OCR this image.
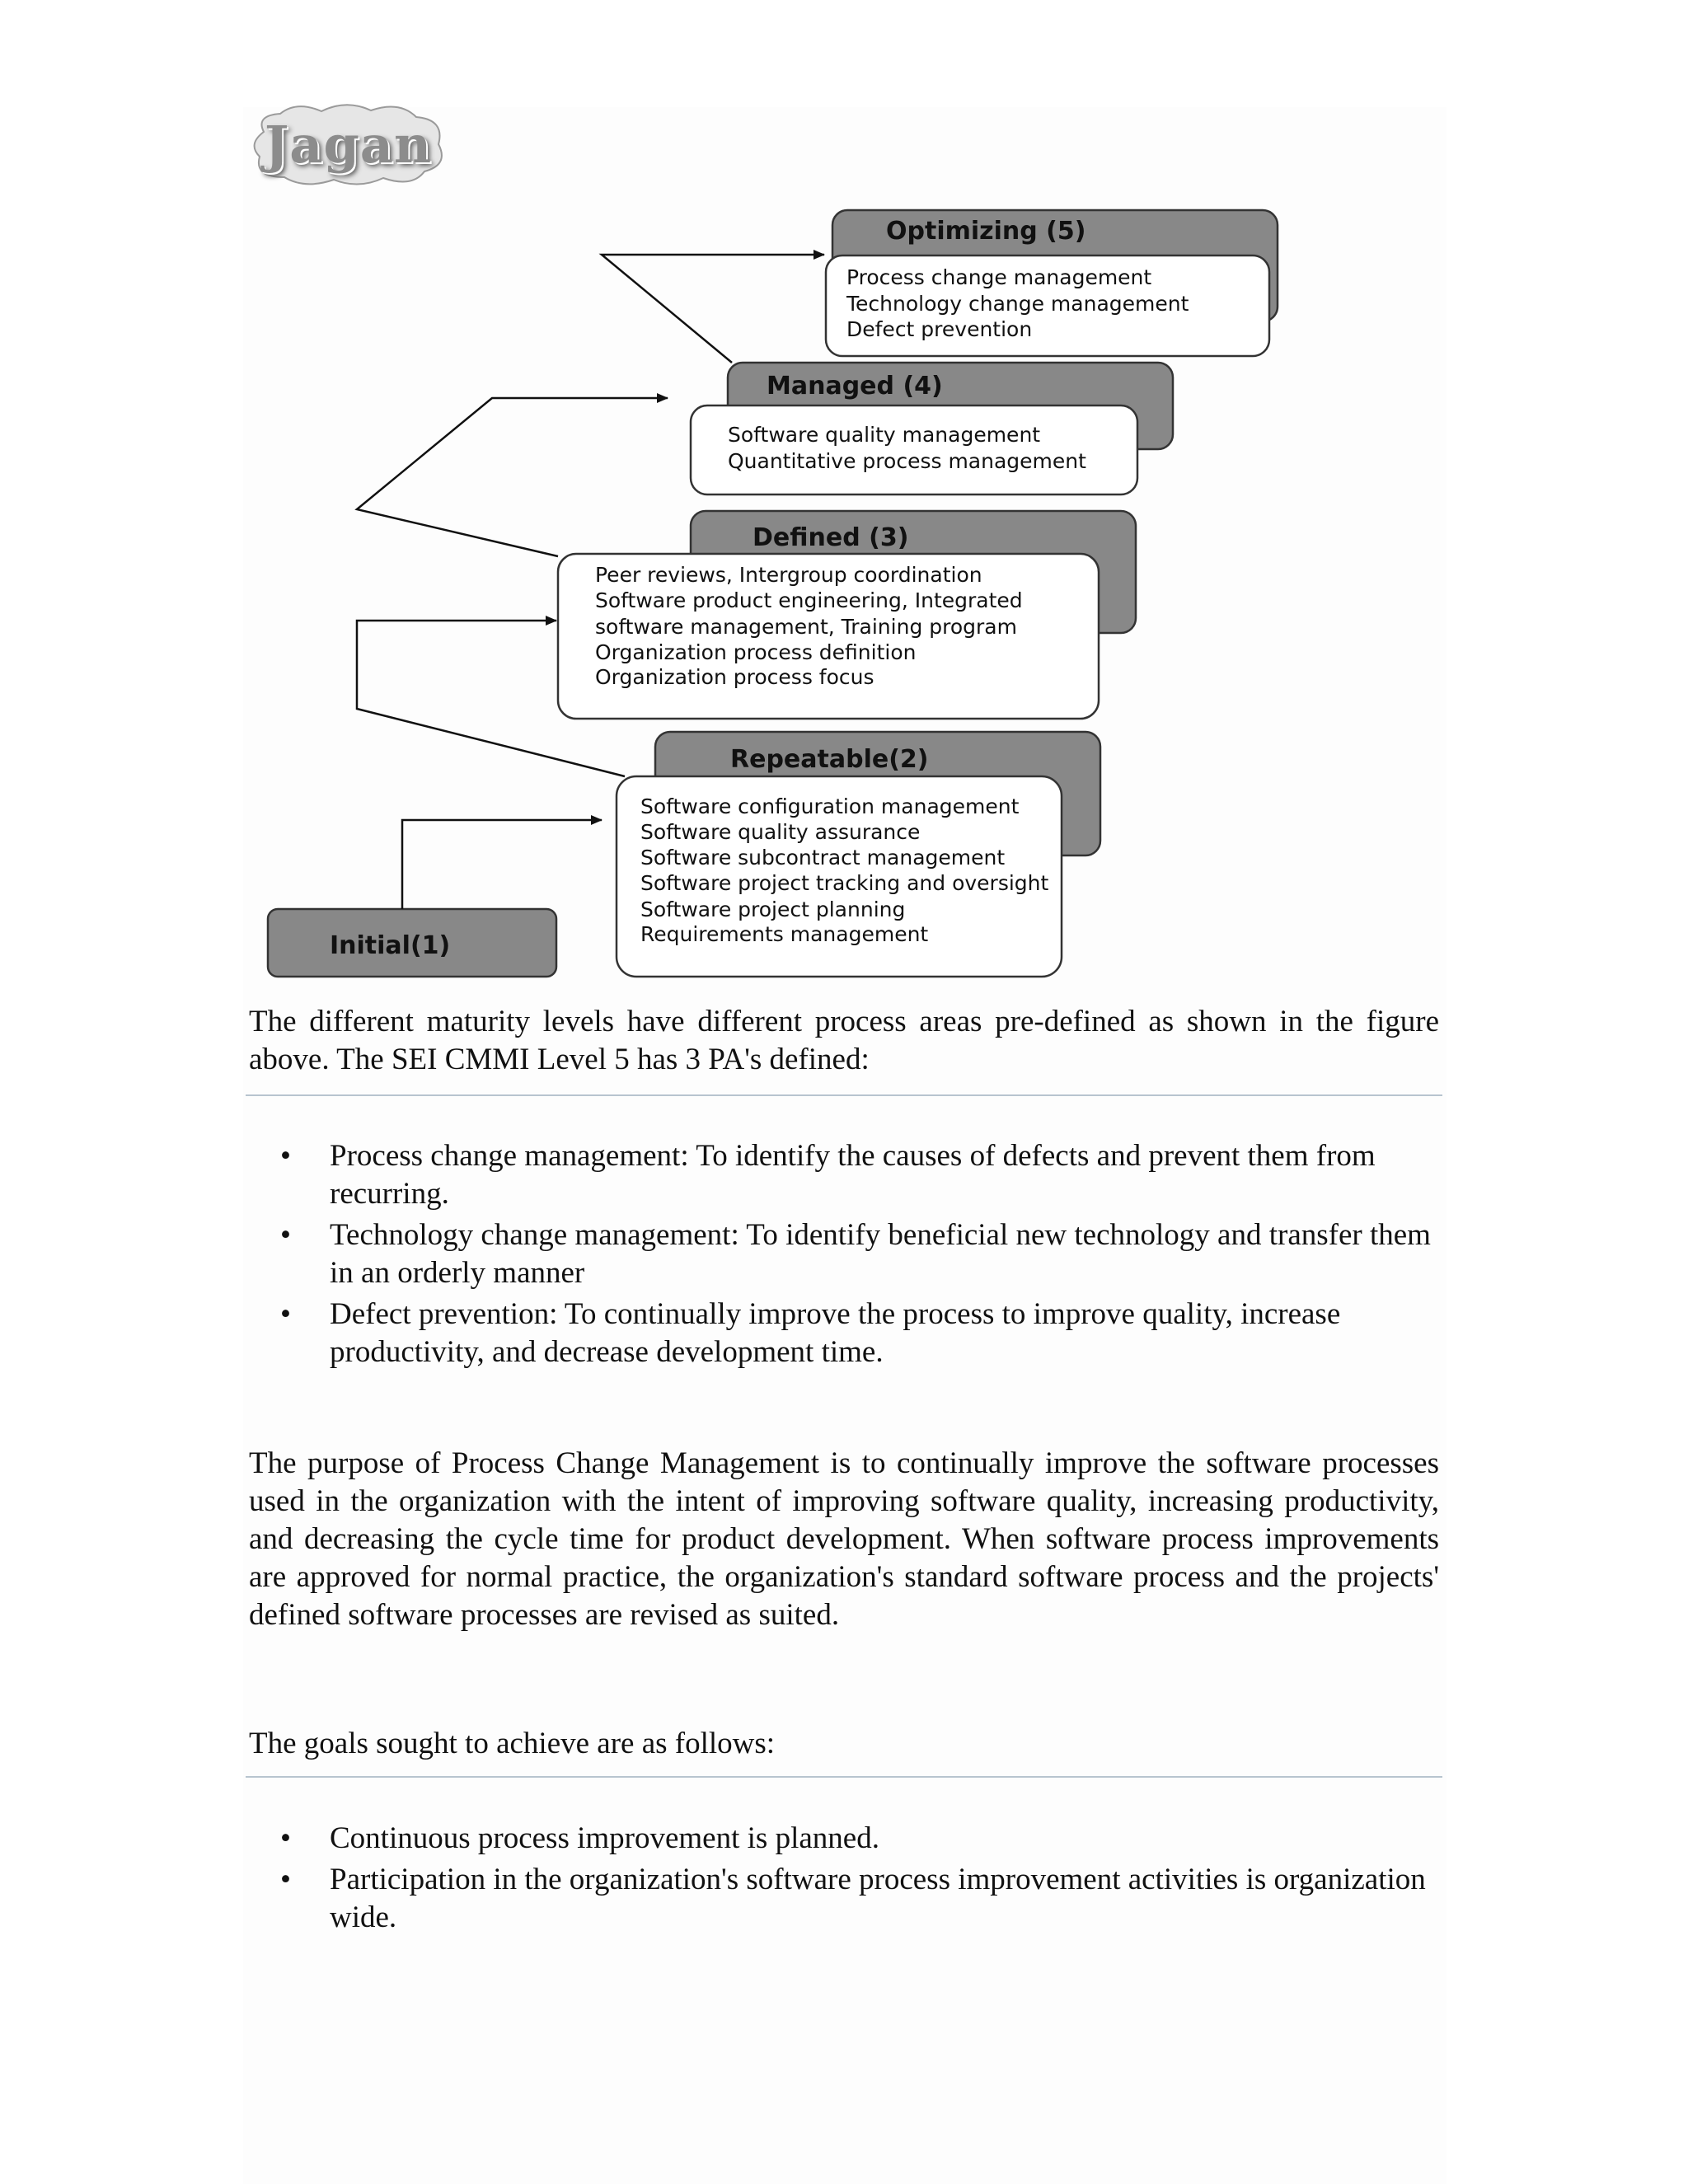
Jagan
Optimizing (5)
Process change management
Technology change management
Defect prevention
Managed (4)
Software quality management
Quantitative process management
Defined (3)
Peer reviews, Intergroup coordination
Software product engineering, Integrated
software management, Training program
Organization process definition
Organization process focus
Repeatable(2)
Software configuration management
Software quality assurance
Software subcontract management
Software project tracking and oversight
Software project planning
Requirements management
Initial(1)

The different maturity levels have different process areas pre-defined as shown in the figure above. The SEI CMMI Level 5 has 3 PA's defined:

• Process change management: To identify the causes of defects and prevent them from recurring.
• Technology change management: To identify beneficial new technology and transfer them in an orderly manner
• Defect prevention: To continually improve the process to improve quality, increase productivity, and decrease development time.

The purpose of Process Change Management is to continually improve the software processes used in the organization with the intent of improving software quality, increasing productivity, and decreasing the cycle time for product development. When software process improvements are approved for normal practice, the organization's standard software process and the projects' defined software processes are revised as suited.

The goals sought to achieve are as follows:

• Continuous process improvement is planned.
• Participation in the organization's software process improvement activities is organization wide.
